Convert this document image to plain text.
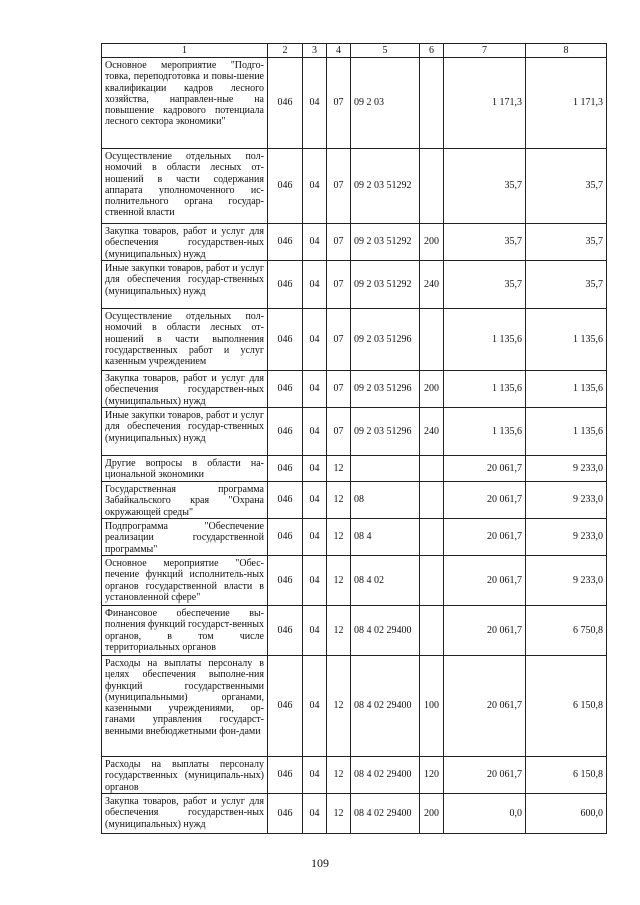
1	2	3	4	5	6	7	8
Основное мероприятие "Подго-товка, переподготовка и повы-шение квалификации кадров лесного хозяйства, направлен-ные на повышение кадрового потенциала лесного сектора экономики"	046	04	07	09 2 03		1 171,3	1 171,3
Осуществление отдельных пол-номочий в области лесных от-ношений в части содержания аппарата уполномоченного ис-полнительного органа государ-ственной власти	046	04	07	09 2 03 51292		35,7	35,7
Закупка товаров, работ и услуг для обеспечения государствен-ных (муниципальных) нужд	046	04	07	09 2 03 51292	200	35,7	35,7
Иные закупки товаров, работ и услуг для обеспечения государ-ственных (муниципальных) нужд	046	04	07	09 2 03 51292	240	35,7	35,7
Осуществление отдельных пол-номочий в области лесных от-ношений в части выполнения государственных работ и услуг казенным учреждением	046	04	07	09 2 03 51296		1 135,6	1 135,6
Закупка товаров, работ и услуг для обеспечения государствен-ных (муниципальных) нужд	046	04	07	09 2 03 51296	200	1 135,6	1 135,6
Иные закупки товаров, работ и услуг для обеспечения государ-ственных (муниципальных) нужд	046	04	07	09 2 03 51296	240	1 135,6	1 135,6
Другие вопросы в области на-циональной экономики	046	04	12			20 061,7	9 233,0
Государственная программа Забайкальского края "Охрана окружающей среды"	046	04	12	08		20 061,7	9 233,0
Подпрограмма "Обеспечение реализации государственной программы"	046	04	12	08 4		20 061,7	9 233,0
Основное мероприятие "Обес-печение функций исполнитель-ных органов государственной власти в установленной сфере"	046	04	12	08 4 02		20 061,7	9 233,0
Финансовое обеспечение вы-полнения функций государст-венных органов, в том числе территориальных органов	046	04	12	08 4 02 29400		20 061,7	6 750,8
Расходы на выплаты персоналу в целях обеспечения выполне-ния функций государственными (муниципальными) органами, казенными учреждениями, ор-ганами управления государст-венными внебюджетными фон-дами	046	04	12	08 4 02 29400	100	20 061,7	6 150,8
Расходы на выплаты персоналу государственных (муниципаль-ных) органов	046	04	12	08 4 02 29400	120	20 061,7	6 150,8
Закупка товаров, работ и услуг для обеспечения государствен-ных (муниципальных) нужд	046	04	12	08 4 02 29400	200	0,0	600,0
109
